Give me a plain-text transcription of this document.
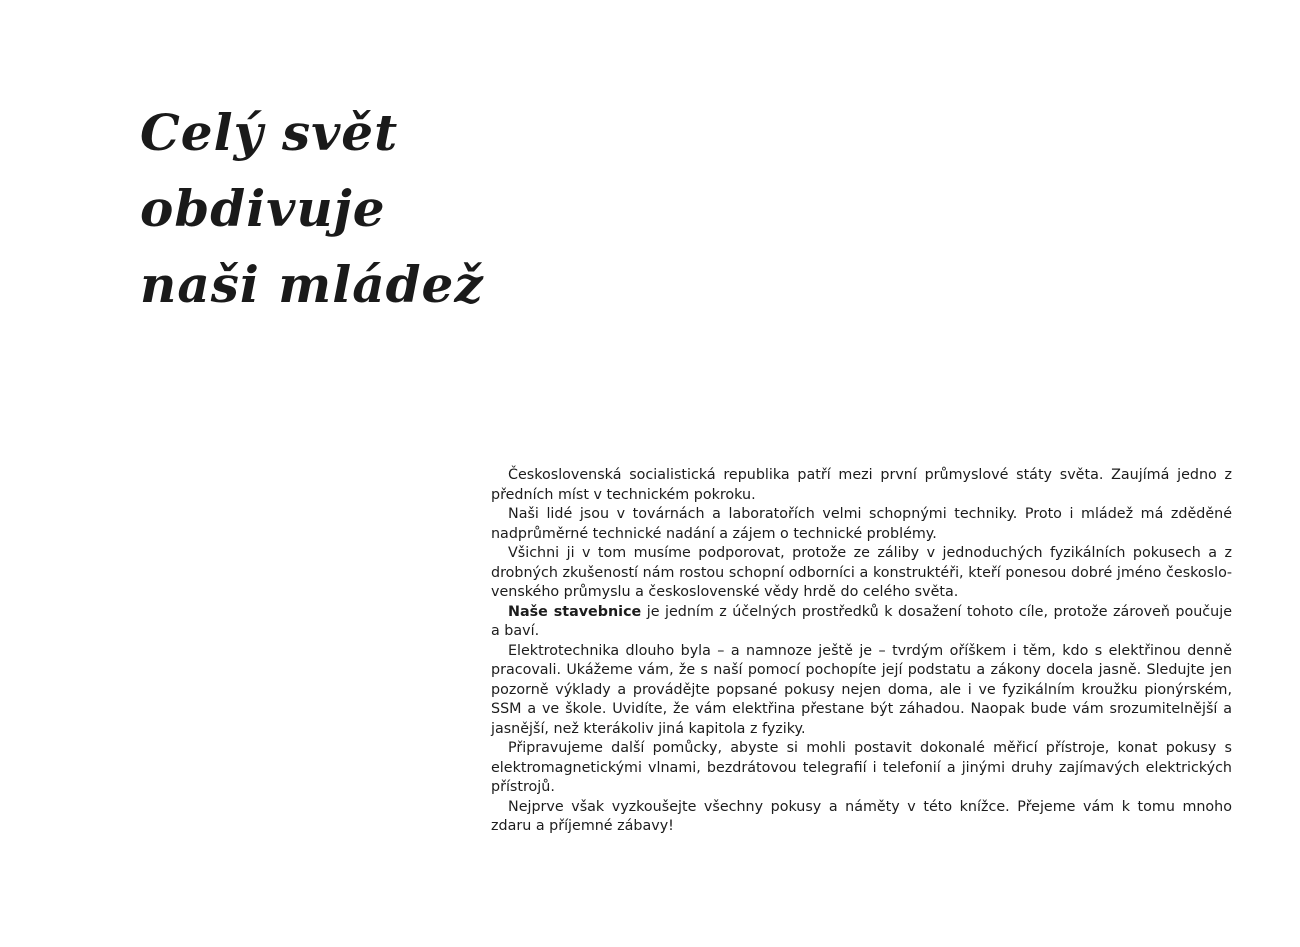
Celý svět
obdivuje
naši mládež

Československá socialistická republika patří mezi první průmyslové státy světa. Zaujímá jedno z předních míst v technickém pokroku.

Naši lidé jsou v továrnách a laboratořích velmi schopnými techniky. Proto i mládež má zděděné nadprůměrné technické nadání a zájem o technické problémy.

Všichni ji v tom musíme podporovat, protože ze záliby v jednoduchých fyzikálních pokusech a z drobných zkušeností nám rostou schopní odborníci a konstruktéři, kteří ponesou dobré jméno československého průmyslu a československé vědy hrdě do celého světa.

Naše stavebnice je jedním z účelných prostředků k dosažení tohoto cíle, protože zároveň poučuje a baví.

Elektrotechnika dlouho byla – a namnoze ještě je – tvrdým oříškem i těm, kdo s elektřinou denně pracovali. Ukážeme vám, že s naší pomocí pochopíte její podstatu a zákony docela jasně. Sledujte jen pozorně výklady a provádějte popsané pokusy nejen doma, ale i ve fyzikálním kroužku pionýrském, SSM a ve škole. Uvidíte, že vám elektřina přestane být záhadou. Naopak bude vám srozumitelnější a jasnější, než kterákoliv jiná kapitola z fyziky.

Připravujeme další pomůcky, abyste si mohli postavit dokonalé měřicí přístroje, konat pokusy s elektromagnetickými vlnami, bezdrátovou telegrafií i telefonií a jinými druhy zajímavých elektrických přístrojů.

Nejprve však vyzkoušejte všechny pokusy a náměty v této knížce. Přejeme vám k tomu mnoho zdaru a příjemné zábavy!
